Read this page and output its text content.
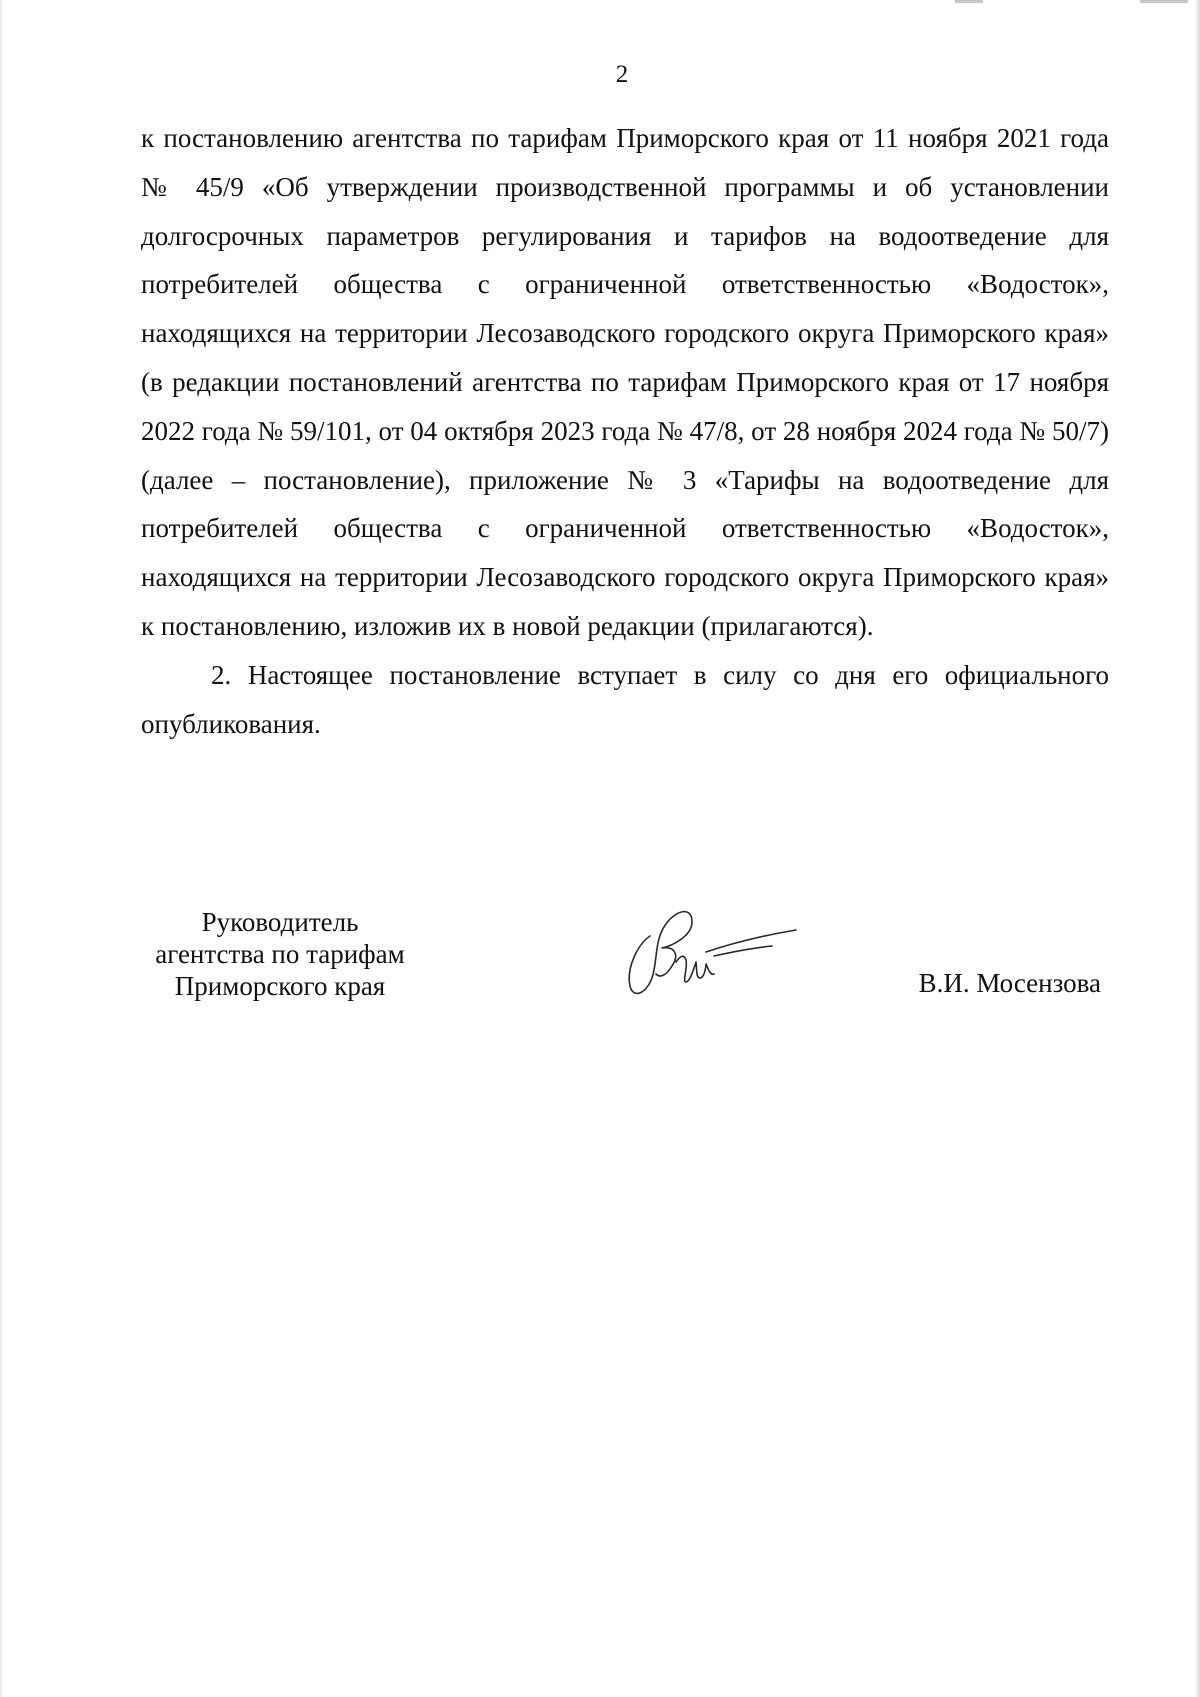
2

к постановлению агентства по тарифам Приморского края от 11 ноября 2021 года № 45/9 «Об утверждении производственной программы и об установлении долгосрочных параметров регулирования и тарифов на водоотведение для потребителей общества с ограниченной ответственностью «Водосток», находящихся на территории Лесозаводского городского округа Приморского края» (в редакции постановлений агентства по тарифам Приморского края от 17 ноября 2022 года № 59/101, от 04 октября 2023 года № 47/8, от 28 ноября 2024 года № 50/7) (далее – постановление), приложение № 3 «Тарифы на водоотведение для потребителей общества с ограниченной ответственностью «Водосток», находящихся на территории Лесозаводского городского округа Приморского края» к постановлению, изложив их в новой редакции (прилагаются).

2. Настоящее постановление вступает в силу со дня его официального опубликования.

Руководитель
агентства по тарифам
Приморского края	В.И. Мосензова
